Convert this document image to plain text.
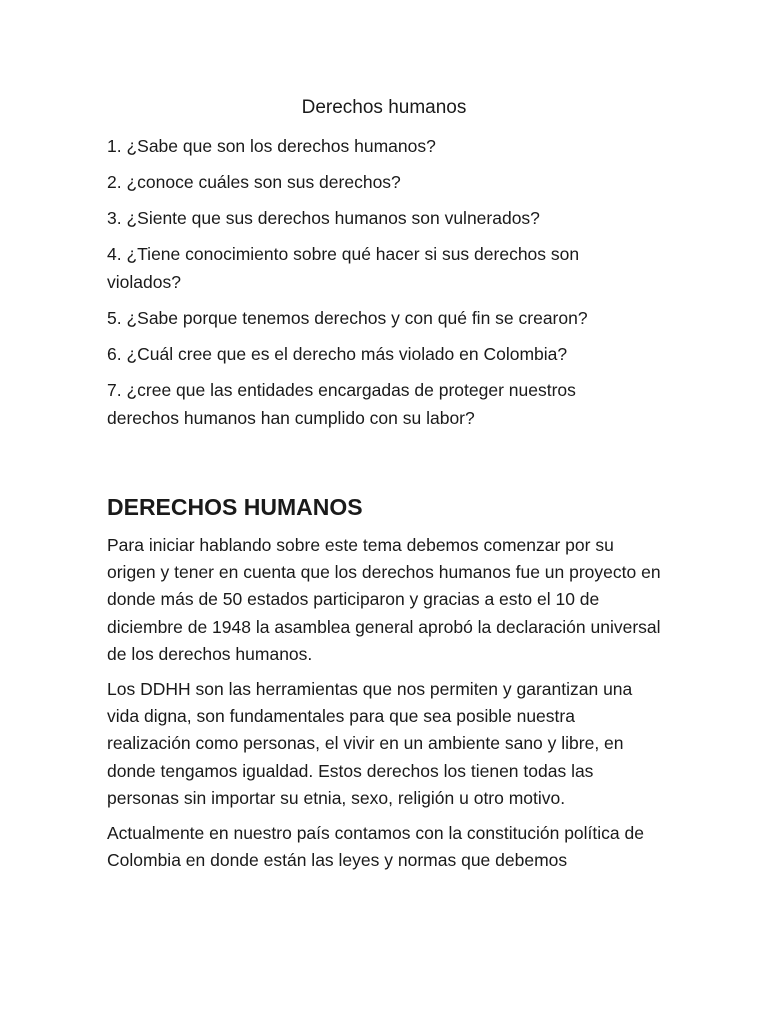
Derechos humanos
1. ¿Sabe que son los derechos humanos?
2. ¿conoce cuáles son sus derechos?
3. ¿Siente que sus derechos humanos son vulnerados?
4. ¿Tiene conocimiento sobre qué hacer si sus derechos son violados?
5. ¿Sabe porque tenemos derechos y con qué fin se crearon?
6. ¿Cuál cree que es el derecho más violado en Colombia?
7. ¿cree que las entidades encargadas de proteger nuestros derechos humanos han cumplido con su labor?
DERECHOS HUMANOS

Para iniciar hablando sobre este tema debemos comenzar por su origen y tener en cuenta que los derechos humanos fue un proyecto en donde más de 50 estados participaron y gracias a esto el 10 de diciembre de 1948 la asamblea general aprobó la declaración universal de los derechos humanos.

Los DDHH son las herramientas que nos permiten y garantizan una vida digna, son fundamentales para que sea posible nuestra realización como personas, el vivir en un ambiente sano y libre, en donde tengamos igualdad. Estos derechos los tienen todas las personas sin importar su etnia, sexo, religión u otro motivo.

Actualmente en nuestro país contamos con la constitución política de Colombia en donde están las leyes y normas que debemos
